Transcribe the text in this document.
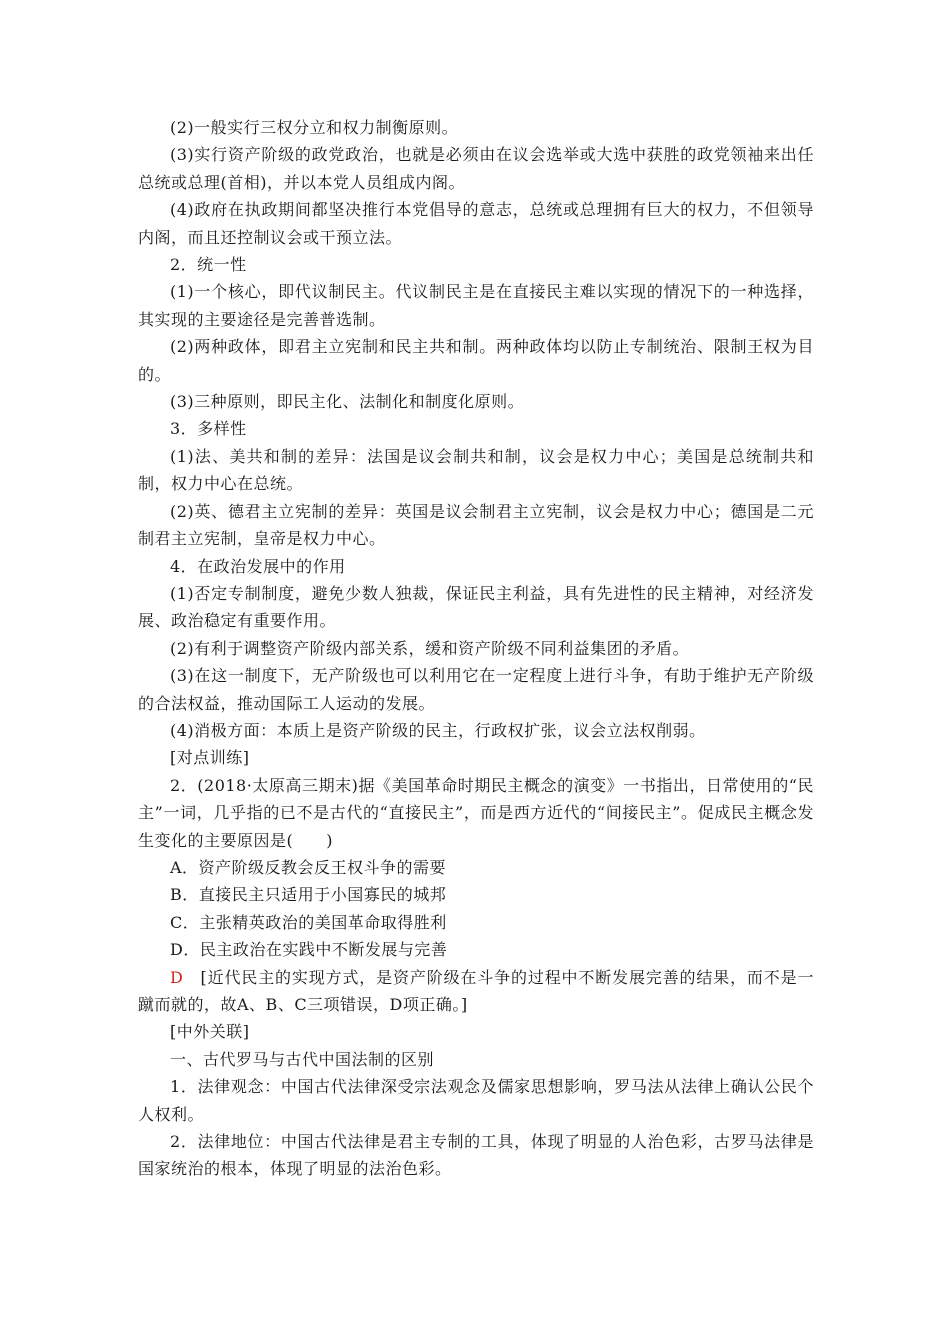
(2)一般实行三权分立和权力制衡原则。

(3)实行资产阶级的政党政治，也就是必须由在议会选举或大选中获胜的政党领袖来出任总统或总理(首相)，并以本党人员组成内阁。

(4)政府在执政期间都坚决推行本党倡导的意志，总统或总理拥有巨大的权力，不但领导内阁，而且还控制议会或干预立法。

2．统一性

(1)一个核心，即代议制民主。代议制民主是在直接民主难以实现的情况下的一种选择，其实现的主要途径是完善普选制。

(2)两种政体，即君主立宪制和民主共和制。两种政体均以防止专制统治、限制王权为目的。

(3)三种原则，即民主化、法制化和制度化原则。

3．多样性

(1)法、美共和制的差异：法国是议会制共和制，议会是权力中心；美国是总统制共和制，权力中心在总统。

(2)英、德君主立宪制的差异：英国是议会制君主立宪制，议会是权力中心；德国是二元制君主立宪制，皇帝是权力中心。

4．在政治发展中的作用

(1)否定专制制度，避免少数人独裁，保证民主利益，具有先进性的民主精神，对经济发展、政治稳定有重要作用。

(2)有利于调整资产阶级内部关系，缓和资产阶级不同利益集团的矛盾。

(3)在这一制度下，无产阶级也可以利用它在一定程度上进行斗争，有助于维护无产阶级的合法权益，推动国际工人运动的发展。

(4)消极方面：本质上是资产阶级的民主，行政权扩张，议会立法权削弱。

[对点训练]

2．(2018·太原高三期末)据《美国革命时期民主概念的演变》一书指出，日常使用的“民主”一词，几乎指的已不是古代的“直接民主”，而是西方近代的“间接民主”。促成民主概念发生变化的主要原因是(　　)

A．资产阶级反教会反王权斗争的需要

B．直接民主只适用于小国寡民的城邦

C．主张精英政治的美国革命取得胜利

D．民主政治在实践中不断发展与完善

D　[近代民主的实现方式，是资产阶级在斗争的过程中不断发展完善的结果，而不是一蹴而就的，故A、B、C三项错误，D项正确。]

[中外关联]

一、古代罗马与古代中国法制的区别

1．法律观念：中国古代法律深受宗法观念及儒家思想影响，罗马法从法律上确认公民个人权利。

2．法律地位：中国古代法律是君主专制的工具，体现了明显的人治色彩，古罗马法律是国家统治的根本，体现了明显的法治色彩。
